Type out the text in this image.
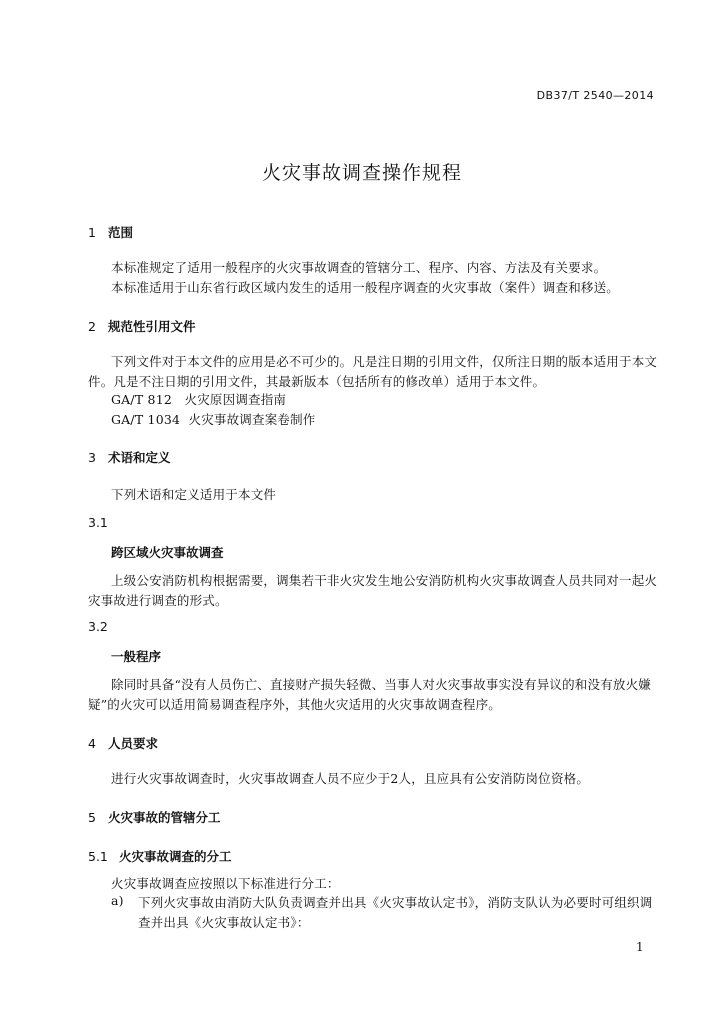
DB37/T 2540—2014
火灾事故调查操作规程
1 范围
本标准规定了适用一般程序的火灾事故调查的管辖分工、程序、内容、方法及有关要求。
本标准适用于山东省行政区域内发生的适用一般程序调查的火灾事故（案件）调查和移送。
2 规范性引用文件
下列文件对于本文件的应用是必不可少的。凡是注日期的引用文件，仅所注日期的版本适用于本文
件。凡是不注日期的引用文件，其最新版本（包括所有的修改单）适用于本文件。
GA/T 812   火灾原因调查指南
GA/T 1034  火灾事故调查案卷制作
3 术语和定义
下列术语和定义适用于本文件
3.1
跨区域火灾事故调查
上级公安消防机构根据需要，调集若干非火灾发生地公安消防机构火灾事故调查人员共同对一起火
灾事故进行调查的形式。
3.2
一般程序
除同时具备“没有人员伤亡、直接财产损失轻微、当事人对火灾事故事实没有异议的和没有放火嫌
疑”的火灾可以适用简易调查程序外，其他火灾适用的火灾事故调查程序。
4 人员要求
进行火灾事故调查时，火灾事故调查人员不应少于2人，且应具有公安消防岗位资格。
5 火灾事故的管辖分工
5.1 火灾事故调查的分工
火灾事故调查应按照以下标准进行分工：
a) 下列火灾事故由消防大队负责调查并出具《火灾事故认定书》，消防支队认为必要时可组织调
查并出具《火灾事故认定书》：
1
